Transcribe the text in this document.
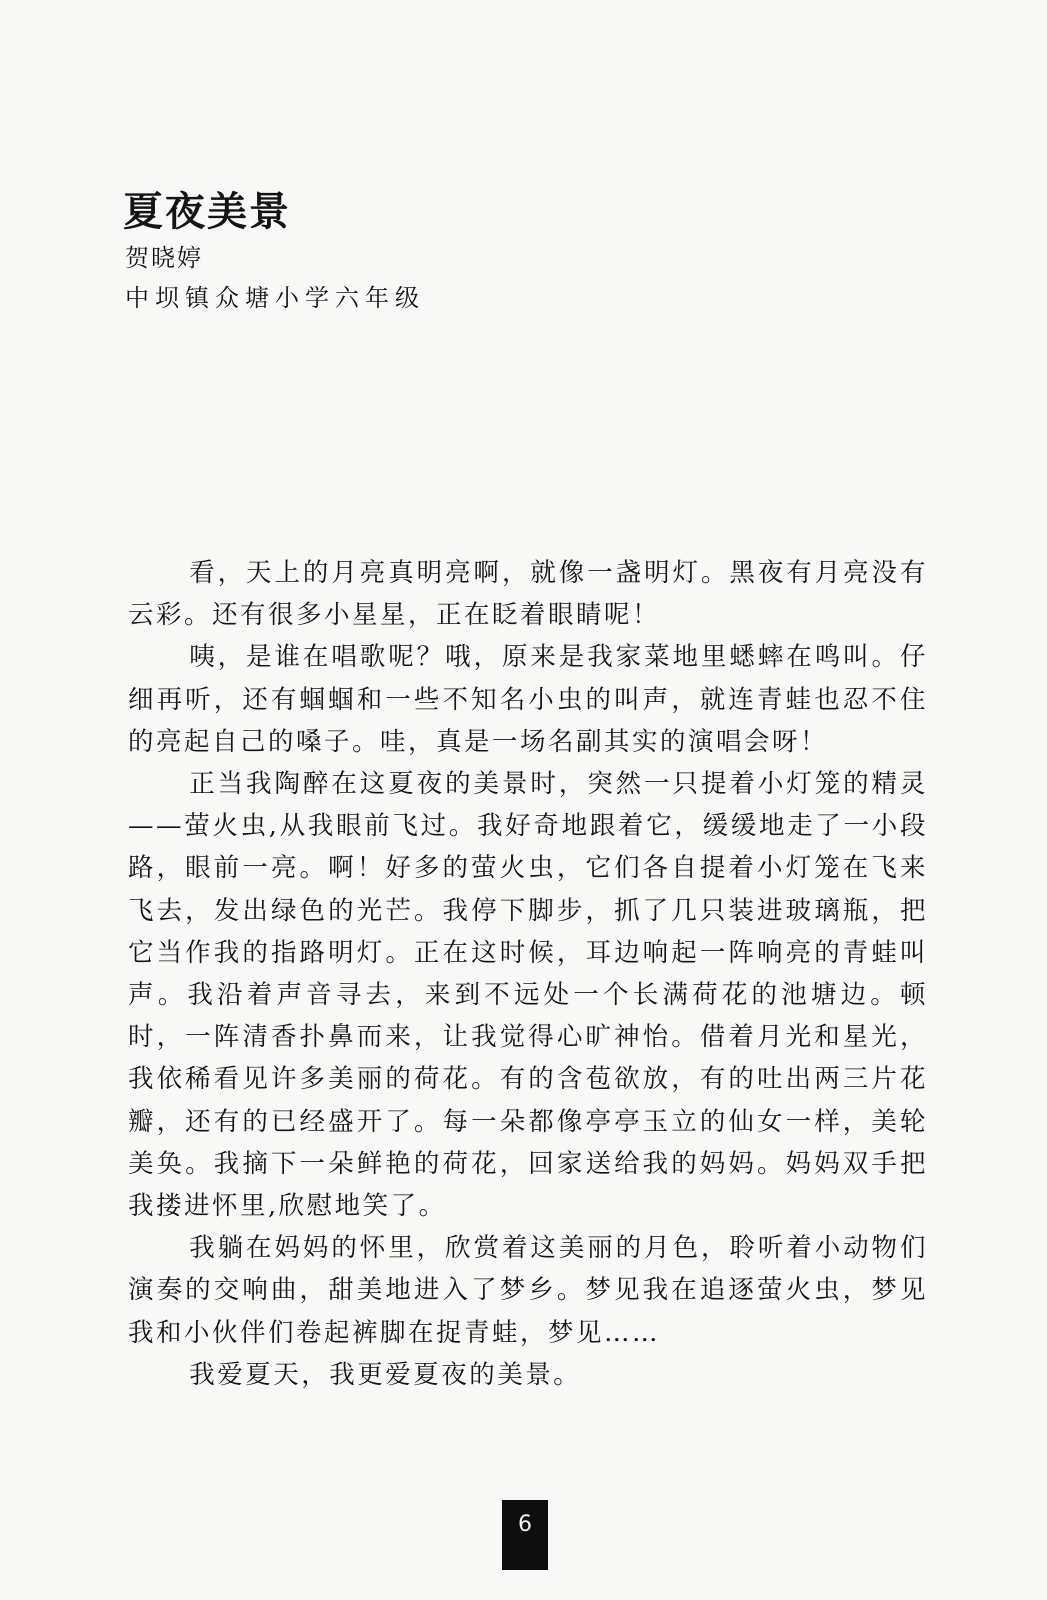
夏夜美景
贺晓婷
中坝镇众塘小学六年级

看，天上的月亮真明亮啊，就像一盏明灯。黑夜有月亮没有云彩。还有很多小星星，正在眨着眼睛呢！

咦，是谁在唱歌呢？哦，原来是我家菜地里蟋蟀在鸣叫。仔细再听，还有蝈蝈和一些不知名小虫的叫声，就连青蛙也忍不住的亮起自己的嗓子。哇，真是一场名副其实的演唱会呀！

正当我陶醉在这夏夜的美景时，突然一只提着小灯笼的精灵——萤火虫,从我眼前飞过。我好奇地跟着它，缓缓地走了一小段路，眼前一亮。啊！好多的萤火虫，它们各自提着小灯笼在飞来飞去，发出绿色的光芒。我停下脚步，抓了几只装进玻璃瓶，把它当作我的指路明灯。正在这时候，耳边响起一阵响亮的青蛙叫声。我沿着声音寻去，来到不远处一个长满荷花的池塘边。顿时，一阵清香扑鼻而来，让我觉得心旷神怡。借着月光和星光，我依稀看见许多美丽的荷花。有的含苞欲放，有的吐出两三片花瓣，还有的已经盛开了。每一朵都像亭亭玉立的仙女一样，美轮美奂。我摘下一朵鲜艳的荷花，回家送给我的妈妈。妈妈双手把我搂进怀里,欣慰地笑了。

我躺在妈妈的怀里，欣赏着这美丽的月色，聆听着小动物们演奏的交响曲，甜美地进入了梦乡。梦见我在追逐萤火虫，梦见我和小伙伴们卷起裤脚在捉青蛙，梦见……

我爱夏天，我更爱夏夜的美景。

6
